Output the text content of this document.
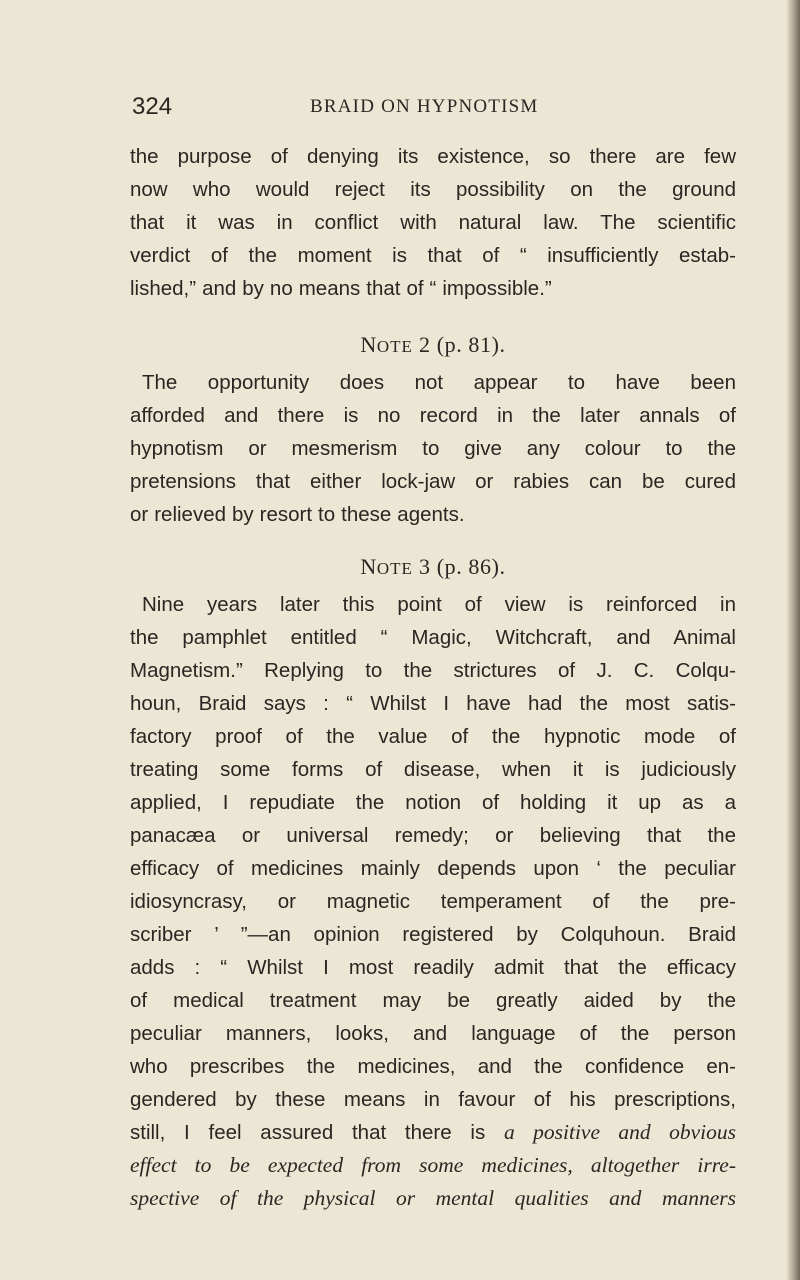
324	BRAID ON HYPNOTISM

the purpose of denying its existence, so there are few
now who would reject its possibility on the ground
that it was in conflict with natural law. The scientific
verdict of the moment is that of “ insufficiently estab-
lished,” and by no means that of “ impossible.”

NOTE 2 (p. 81).

The opportunity does not appear to have been
afforded and there is no record in the later annals of
hypnotism or mesmerism to give any colour to the
pretensions that either lock-jaw or rabies can be cured
or relieved by resort to these agents.

NOTE 3 (p. 86).

Nine years later this point of view is reinforced in
the pamphlet entitled “ Magic, Witchcraft, and Animal
Magnetism.” Replying to the strictures of J. C. Colqu-
houn, Braid says : “ Whilst I have had the most satis-
factory proof of the value of the hypnotic mode of
treating some forms of disease, when it is judiciously
applied, I repudiate the notion of holding it up as a
panacæa or universal remedy; or believing that the
efficacy of medicines mainly depends upon ‘ the peculiar
idiosyncrasy, or magnetic temperament of the pre-
scriber ’ ”—an opinion registered by Colquhoun. Braid
adds : “ Whilst I most readily admit that the efficacy
of medical treatment may be greatly aided by the
peculiar manners, looks, and language of the person
who prescribes the medicines, and the confidence en-
gendered by these means in favour of his prescriptions,
still, I feel assured that there is a positive and obvious
effect to be expected from some medicines, altogether irre-
spective of the physical or mental qualities and manners
